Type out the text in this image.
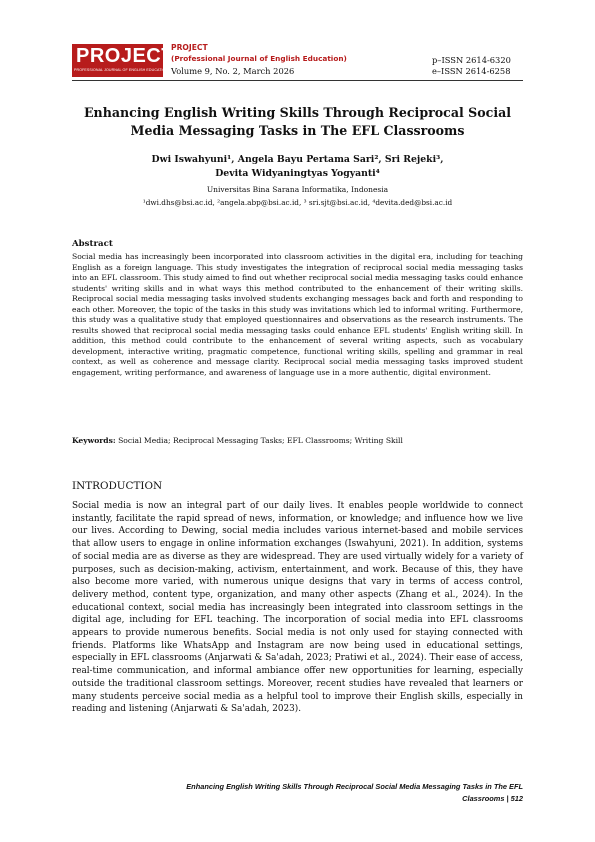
PROJECT
PROFESSIONAL JOURNAL OF ENGLISH EDUCATION
PROJECT
(Professional Journal of English Education)
Volume 9, No. 2, March 2026
p–ISSN 2614-6320
e–ISSN 2614-6258
Enhancing English Writing Skills Through Reciprocal Social
Media Messaging Tasks in The EFL Classrooms
Dwi Iswahyuni¹, Angela Bayu Pertama Sari², Sri Rejeki³,
Devita Widyaningtyas Yogyanti⁴
Universitas Bina Sarana Informatika, Indonesia
¹dwi.dhs@bsi.ac.id, ²angela.abp@bsi.ac.id, ³ sri.sjt@bsi.ac.id, ⁴devita.ded@bsi.ac.id
Abstract
Social media has increasingly been incorporated into classroom activities in the digital era, including for teaching English as a foreign language. This study investigates the integration of reciprocal social media messaging tasks into an EFL classroom. This study aimed to find out whether reciprocal social media messaging tasks could enhance students' writing skills and in what ways this method contributed to the enhancement of their writing skills. Reciprocal social media messaging tasks involved students exchanging messages back and forth and responding to each other. Moreover, the topic of the tasks in this study was invitations which led to informal writing. Furthermore, this study was a qualitative study that employed questionnaires and observations as the research instruments. The results showed that reciprocal social media messaging tasks could enhance EFL students' English writing skill. In addition, this method could contribute to the enhancement of several writing aspects, such as vocabulary development, interactive writing, pragmatic competence, functional writing skills, spelling and grammar in real context, as well as coherence and message clarity. Reciprocal social media messaging tasks improved student engagement, writing performance, and awareness of language use in a more authentic, digital environment.
Keywords: Social Media; Reciprocal Messaging Tasks; EFL Classrooms; Writing Skill
INTRODUCTION
Social media is now an integral part of our daily lives. It enables people worldwide to connect instantly, facilitate the rapid spread of news, information, or knowledge; and influence how we live our lives. According to Dewing, social media includes various internet-based and mobile services that allow users to engage in online information exchanges (Iswahyuni, 2021). In addition, systems of social media are as diverse as they are widespread. They are used virtually widely for a variety of purposes, such as decision-making, activism, entertainment, and work. Because of this, they have also become more varied, with numerous unique designs that vary in terms of access control, delivery method, content type, organization, and many other aspects (Zhang et al., 2024). In the educational context, social media has increasingly been integrated into classroom settings in the digital age, including for EFL teaching. The incorporation of social media into EFL classrooms appears to provide numerous benefits. Social media is not only used for staying connected with friends. Platforms like WhatsApp and Instagram are now being used in educational settings, especially in EFL classrooms (Anjarwati & Sa'adah, 2023; Pratiwi et al., 2024). Their ease of access, real-time communication, and informal ambiance offer new opportunities for learning, especially outside the traditional classroom settings. Moreover, recent studies have revealed that learners or many students perceive social media as a helpful tool to improve their English skills, especially in reading and listening (Anjarwati & Sa'adah, 2023).
Enhancing English Writing Skills Through Reciprocal Social Media Messaging Tasks in The EFL
Classrooms | 512
